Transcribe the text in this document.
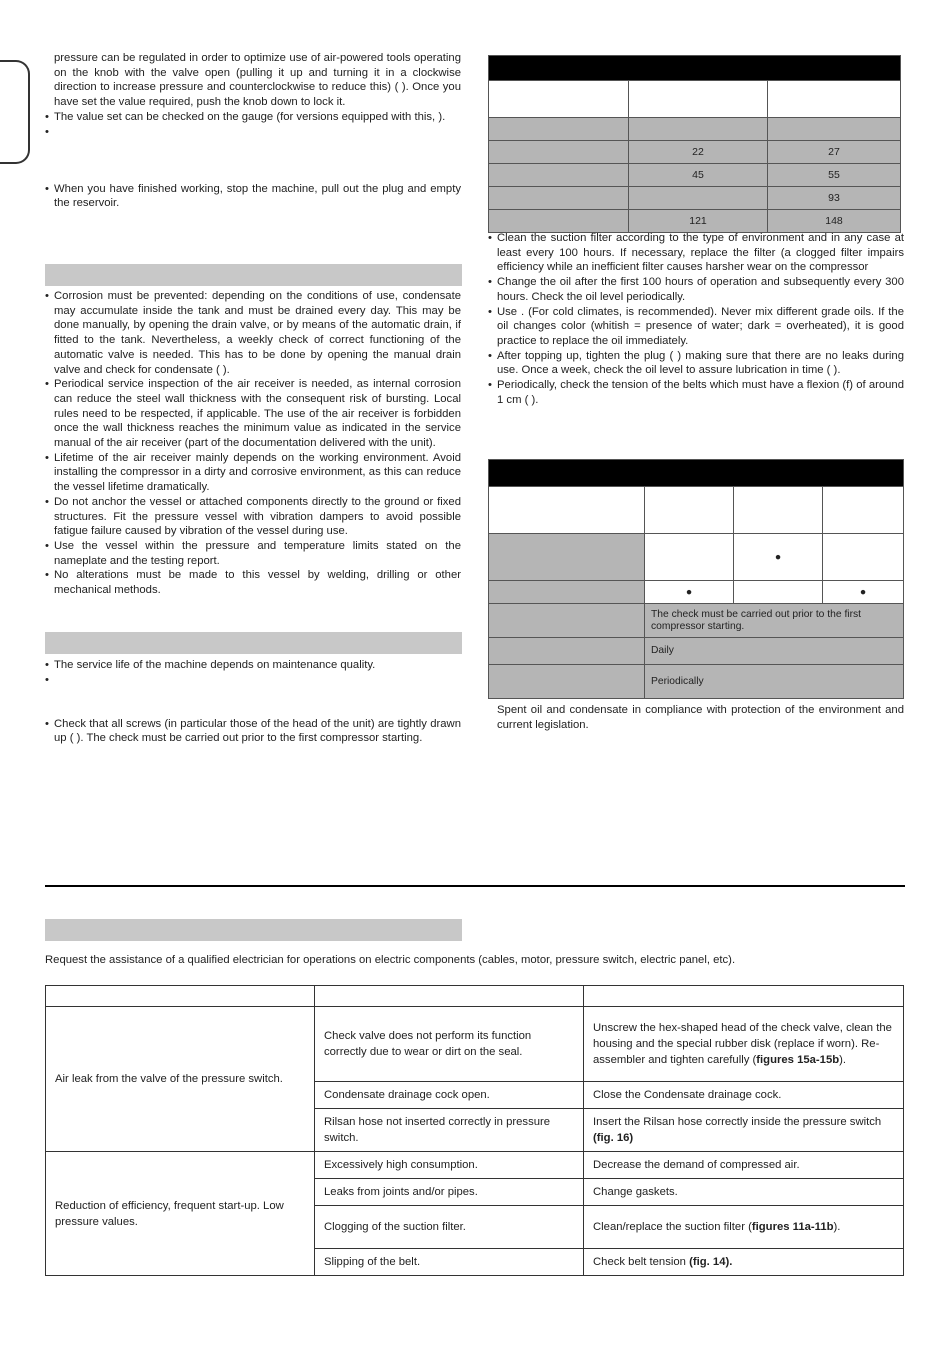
pressure can be regulated in order to optimize use of air-powered tools operating on the knob with the valve open (pulling it up and turning it in a clockwise direction to increase pressure and counterclockwise to reduce this) ( ). Once you have set the value required, push the knob down to lock it.
• The value set can be checked on the gauge (for versions equipped with this, ).
•
• When you have finished working, stop the machine, pull out the plug and empty the reservoir.
• Corrosion must be prevented: depending on the conditions of use, condensate may accumulate inside the tank and must be drained every day. This may be done manually, by opening the drain valve, or by means of the automatic drain, if fitted to the tank. Nevertheless, a weekly check of correct functioning of the automatic valve is needed. This has to be done by opening the manual drain valve and check for condensate ( ).
• Periodical service inspection of the air receiver is needed, as internal corrosion can reduce the steel wall thickness with the consequent risk of bursting. Local rules need to be respected, if applicable. The use of the air receiver is forbidden once the wall thickness reaches the minimum value as indicated in the service manual of the air receiver (part of the documentation delivered with the unit).
• Lifetime of the air receiver mainly depends on the working environment. Avoid installing the compressor in a dirty and corrosive environment, as this can reduce the vessel lifetime dramatically.
• Do not anchor the vessel or attached components directly to the ground or fixed structures. Fit the pressure vessel with vibration dampers to avoid possible fatigue failure caused by vibration of the vessel during use.
• Use the vessel within the pressure and temperature limits stated on the nameplate and the testing report.
• No alterations must be made to this vessel by welding, drilling or other mechanical methods.
• The service life of the machine depends on maintenance quality.
•
• Check that all screws (in particular those of the head of the unit) are tightly drawn up ( ). The check must be carried out prior to the first compressor starting.

	22	27
	45	55
		93
	121	148
• Clean the suction filter according to the type of environment and in any case at least every 100 hours. If necessary, replace the filter (a clogged filter impairs efficiency while an inefficient filter causes harsher wear on the compressor
• Change the oil after the first 100 hours of operation and subsequently every 300 hours. Check the oil level periodically.
• Use . (For cold climates, is recommended). Never mix different grade oils. If the oil changes color (whitish = presence of water; dark = overheated), it is good practice to replace the oil immediately.
• After topping up, tighten the plug ( ) making sure that there are no leaks during use. Once a week, check the oil level to assure lubrication in time ( ).
• Periodically, check the tension of the belts which must have a flexion (f) of around 1 cm ( ).

		●	
	●		●
	The check must be carried out prior to the first compressor starting.		
	Daily		
	Periodically		
Spent oil and condensate in compliance with protection of the environment and current legislation.
Request the assistance of a qualified electrician for operations on electric components (cables, motor, pressure switch, electric panel, etc).

Air leak from the valve of the pressure switch.	Check valve does not perform its function correctly due to wear or dirt on the seal.	Unscrew the hex-shaped head of the check valve, clean the housing and the special rubber disk (replace if worn). Re-assembler and tighten carefully (figures 15a-15b).
	Condensate drainage cock open.	Close the Condensate drainage cock.
	Rilsan hose not inserted correctly in pressure switch.	Insert the Rilsan hose correctly inside the pressure switch (fig. 16)
Reduction of efficiency, frequent start-up. Low pressure values.	Excessively high consumption.	Decrease the demand of compressed air.
	Leaks from joints and/or pipes.	Change gaskets.
	Clogging of the suction filter.	Clean/replace the suction filter (figures 11a-11b).
	Slipping of the belt.	Check belt tension (fig. 14).
